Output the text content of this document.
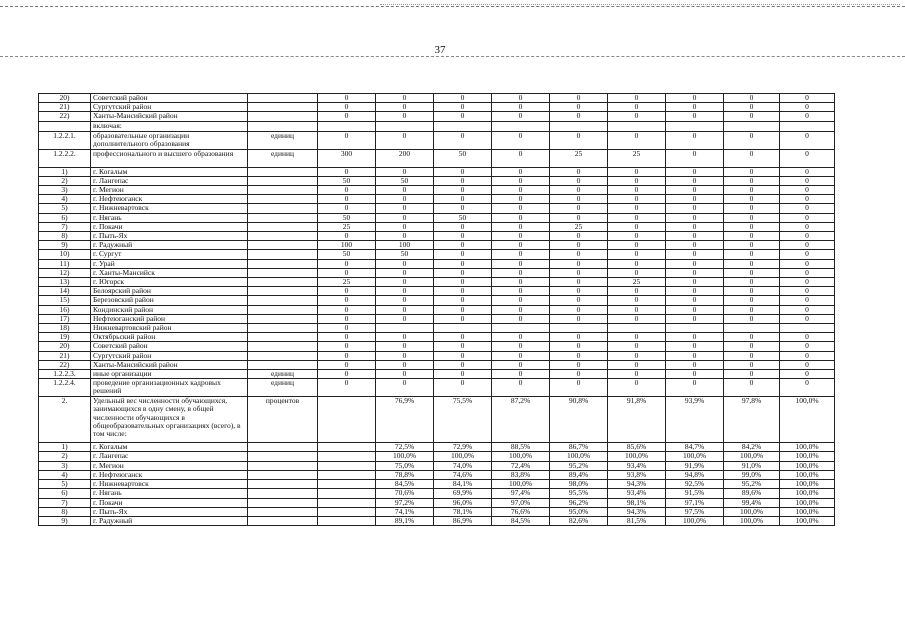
37
20)	Советский район		0	0	0	0	0	0	0	0	0
21)	Сургутский район		0	0	0	0	0	0	0	0	0
22)	Ханты-Мансийский район		0	0	0	0	0	0	0	0	0
	включая:										
1.2.2.1.	образовательные организации дополнительного образования	единиц	0	0	0	0	0	0	0	0	0
1.2.2.2.	профессионального и высшего образования	единиц	300	200	50	0	25	25	0	0	0
1)	г. Когалым		0	0	0	0	0	0	0	0	0
2)	г. Лангепас		50	50	0	0	0	0	0	0	0
3)	г. Мегион		0	0	0	0	0	0	0	0	0
4)	г. Нефтеюганск		0	0	0	0	0	0	0	0	0
5)	г. Нижневартовск		0	0	0	0	0	0	0	0	0
6)	г. Нягань		50	0	50	0	0	0	0	0	0
7)	г. Покачи		25	0	0	0	25	0	0	0	0
8)	г. Пыть-Ях		0	0	0	0	0	0	0	0	0
9)	г. Радужный		100	100	0	0	0	0	0	0	0
10)	г. Сургут		50	50	0	0	0	0	0	0	0
11)	г. Урай		0	0	0	0	0	0	0	0	0
12)	г. Ханты-Мансийск		0	0	0	0	0	0	0	0	0
13)	г. Югорск		25	0	0	0	0	25	0	0	0
14)	Белоярский район		0	0	0	0	0	0	0	0	0
15)	Березовский район		0	0	0	0	0	0	0	0	0
16)	Кондинский район		0	0	0	0	0	0	0	0	0
17)	Нефтеюганский район		0	0	0	0	0	0	0	0	0
18)	Нижневартовский район		0								
19)	Октябрьский район		0	0	0	0	0	0	0	0	0
20)	Советский район		0	0	0	0	0	0	0	0	0
21)	Сургутский район		0	0	0	0	0	0	0	0	0
22)	Ханты-Мансийский район		0	0	0	0	0	0	0	0	0
1.2.2.3.	иные организации	единиц	0	0	0	0	0	0	0	0	0
1.2.2.4.	проведение организационных кадровых решений	единиц	0	0	0	0	0	0	0	0	0
2.	Удельный вес численности обучающихся, занимающихся в одну смену, в общей численности обучающихся в общеобразовательных организациях (всего), в том числе:	процентов		76,9%	75,5%	87,2%	90,8%	91,8%	93,9%	97,8%	100,0%
1)	г. Когалым			72,5%	72,9%	88,5%	86,7%	85,6%	84,7%	84,2%	100,0%
2)	г. Лангепас			100,0%	100,0%	100,0%	100,0%	100,0%	100,0%	100,0%	100,0%
3)	г. Мегион			75,0%	74,0%	72,4%	95,2%	93,4%	91,9%	91,0%	100,0%
4)	г. Нефтеюганск			78,8%	74,6%	83,8%	89,4%	93,8%	94,8%	99,0%	100,0%
5)	г. Нижневартовск			84,5%	84,1%	100,0%	98,0%	94,3%	92,5%	95,2%	100,0%
6)	г. Нягань			70,6%	69,9%	97,4%	95,5%	93,4%	91,5%	89,6%	100,0%
7)	г. Покачи			97,2%	96,0%	97,0%	96,2%	98,1%	97,1%	99,4%	100,0%
8)	г. Пыть-Ях			74,1%	78,1%	76,6%	95,0%	94,3%	97,5%	100,0%	100,0%
9)	г. Радужный			89,1%	86,9%	84,5%	82,6%	81,5%	100,0%	100,0%	100,0%
